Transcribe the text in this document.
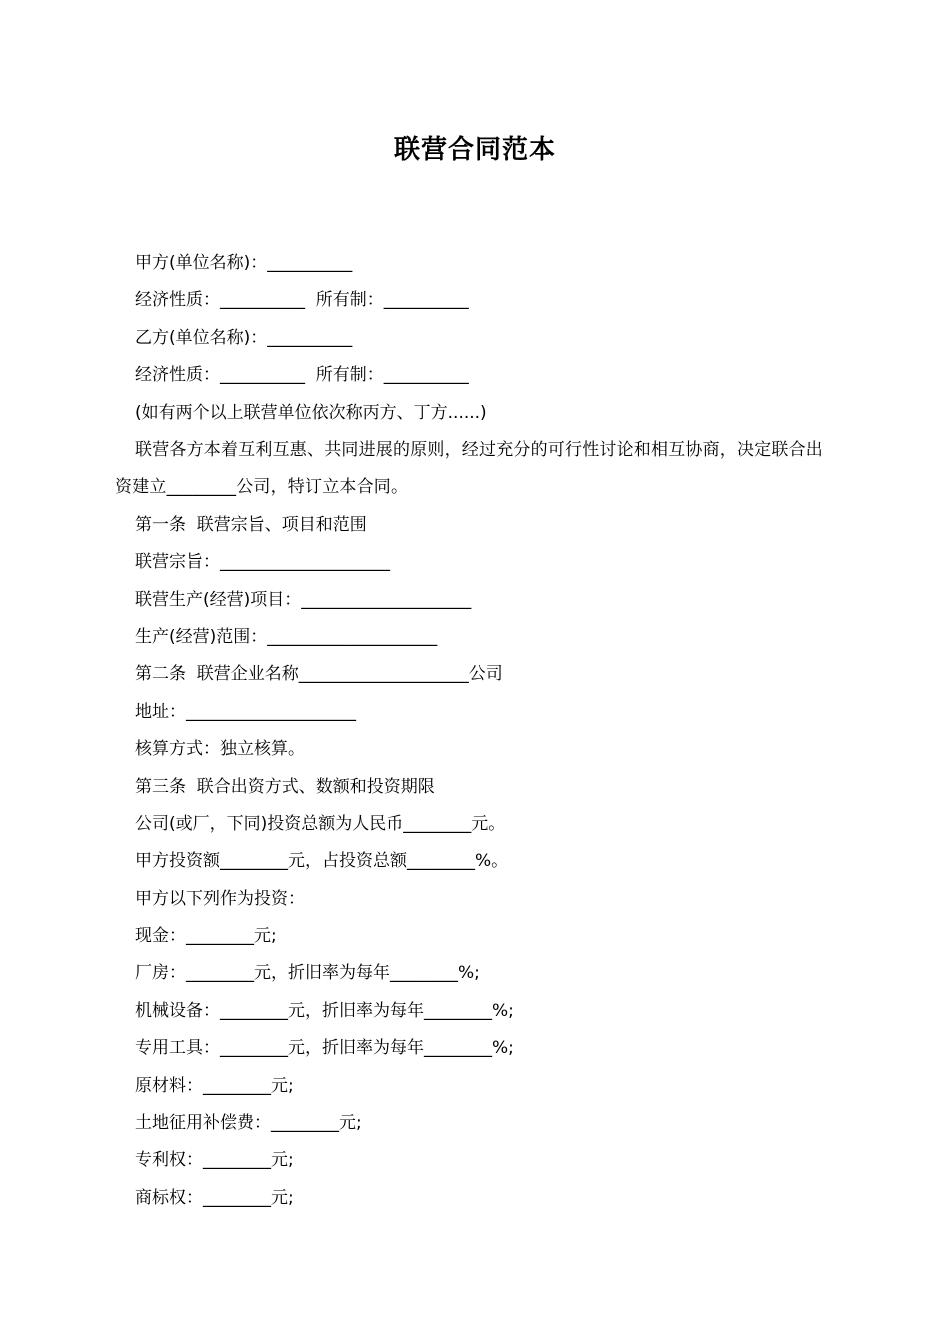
联营合同范本
甲方(单位名称)：__________
经济性质：__________  所有制：__________
乙方(单位名称)：__________
经济性质：__________  所有制：__________
(如有两个以上联营单位依次称丙方、丁方......)
联营各方本着互利互惠、共同进展的原则，经过充分的可行性讨论和相互协商，决定联合出资建立________公司，特订立本合同。
第一条  联营宗旨、项目和范围
联营宗旨：____________________
联营生产(经营)项目：____________________
生产(经营)范围：____________________
第二条  联营企业名称____________________公司
地址：____________________
核算方式：独立核算。
第三条  联合出资方式、数额和投资期限
公司(或厂，下同)投资总额为人民币________元。
甲方投资额________元，占投资总额________%。
甲方以下列作为投资：
现金：________元;
厂房：________元，折旧率为每年________%;
机械设备：________元，折旧率为每年________%;
专用工具：________元，折旧率为每年________%;
原材料：________元;
土地征用补偿费：________元;
专利权：________元;
商标权：________元;
